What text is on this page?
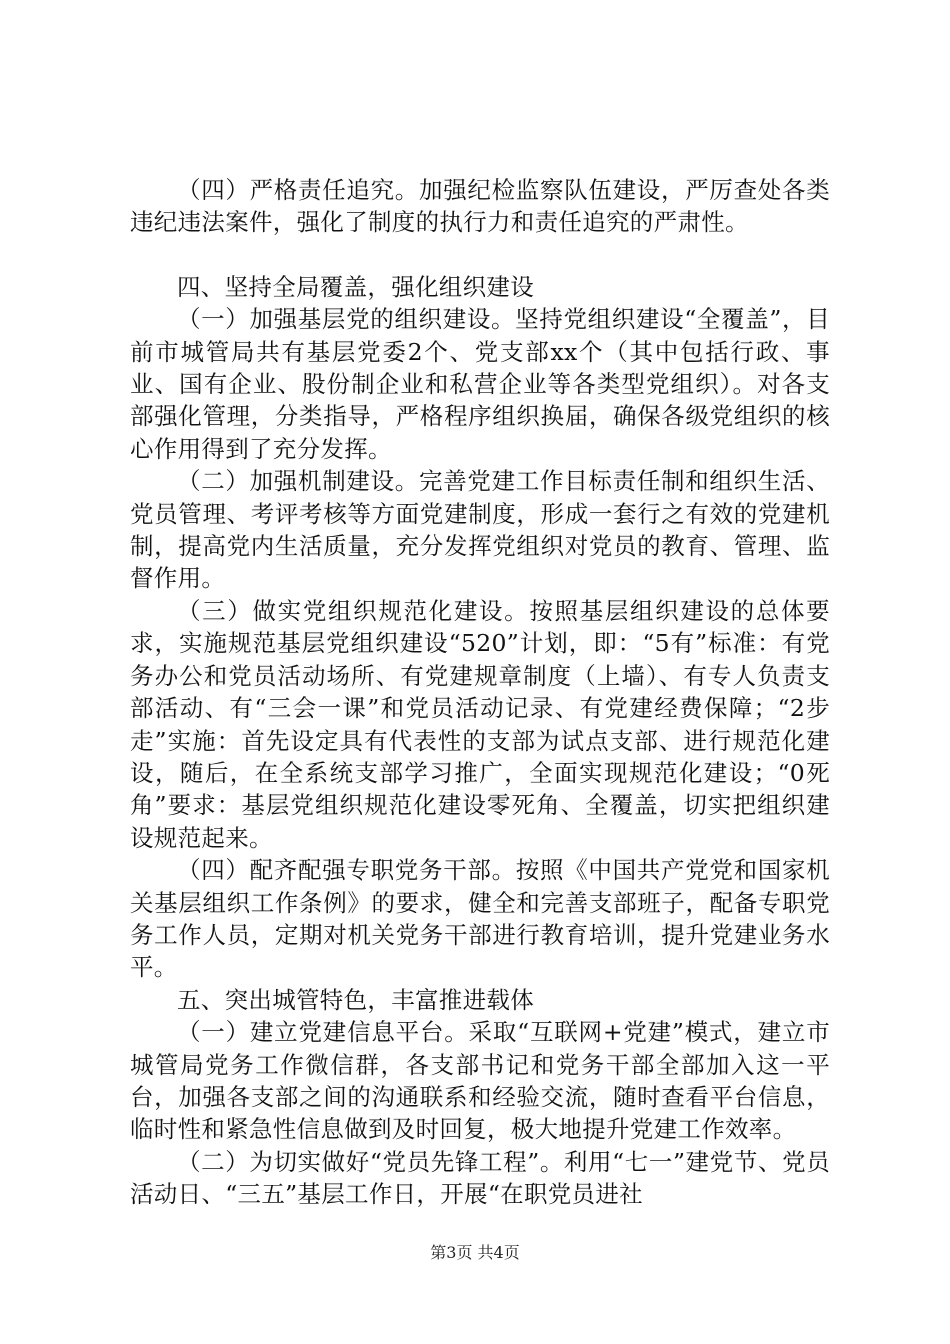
（四）严格责任追究。加强纪检监察队伍建设，严厉查处各类违纪违法案件，强化了制度的执行力和责任追究的严肃性。

四、坚持全局覆盖，强化组织建设

（一）加强基层党的组织建设。坚持党组织建设“全覆盖”，目前市城管局共有基层党委2个、党支部xx个（其中包括行政、事业、国有企业、股份制企业和私营企业等各类型党组织）。对各支部强化管理，分类指导，严格程序组织换届，确保各级党组织的核心作用得到了充分发挥。

（二）加强机制建设。完善党建工作目标责任制和组织生活、党员管理、考评考核等方面党建制度，形成一套行之有效的党建机制，提高党内生活质量，充分发挥党组织对党员的教育、管理、监督作用。

（三）做实党组织规范化建设。按照基层组织建设的总体要求，实施规范基层党组织建设“520”计划，即：“5有”标准：有党务办公和党员活动场所、有党建规章制度（上墙）、有专人负责支部活动、有“三会一课”和党员活动记录、有党建经费保障；“2步走”实施：首先设定具有代表性的支部为试点支部、进行规范化建设，随后，在全系统支部学习推广，全面实现规范化建设；“0死角”要求：基层党组织规范化建设零死角、全覆盖，切实把组织建设规范起来。

（四）配齐配强专职党务干部。按照《中国共产党党和国家机关基层组织工作条例》的要求，健全和完善支部班子，配备专职党务工作人员，定期对机关党务干部进行教育培训，提升党建业务水平。

五、突出城管特色，丰富推进载体

（一）建立党建信息平台。采取“互联网+党建”模式，建立市城管局党务工作微信群，各支部书记和党务干部全部加入这一平台，加强各支部之间的沟通联系和经验交流，随时查看平台信息，临时性和紧急性信息做到及时回复，极大地提升党建工作效率。

（二）为切实做好“党员先锋工程”。利用“七一”建党节、党员活动日、“三五”基层工作日，开展“在职党员进社

第3页 共4页
